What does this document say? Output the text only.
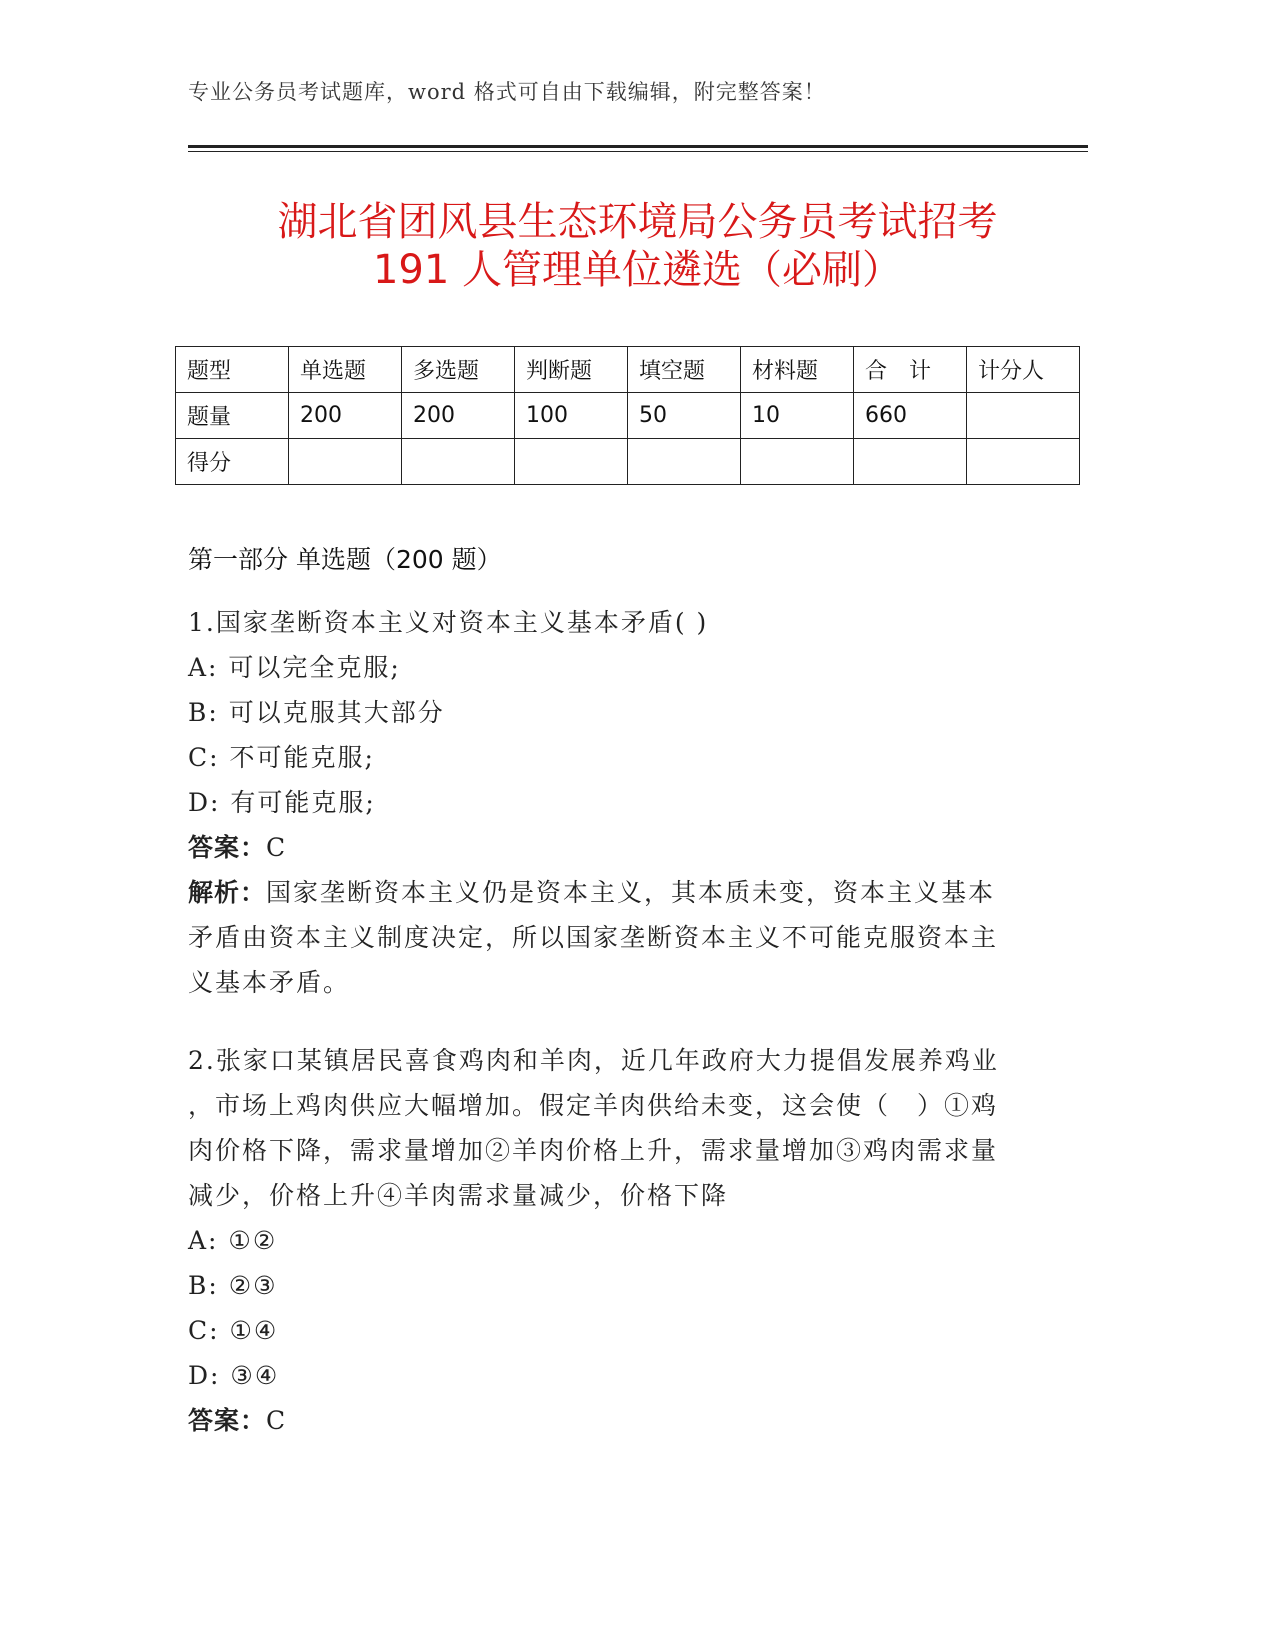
专业公务员考试题库，word 格式可自由下载编辑，附完整答案！
湖北省团风县生态环境局公务员考试招考
191 人管理单位遴选（必刷）
题型	单选题	多选题	判断题	填空题	材料题	合　计	计分人
题量	200	200	100	50	10	660	
得分							
第一部分 单选题（200 题）
1.国家垄断资本主义对资本主义基本矛盾( )
A: 可以完全克服;
B: 可以克服其大部分
C: 不可能克服;
D: 有可能克服;
答案：C
解析：国家垄断资本主义仍是资本主义，其本质未变，资本主义基本
矛盾由资本主义制度决定，所以国家垄断资本主义不可能克服资本主
义基本矛盾。
2.张家口某镇居民喜食鸡肉和羊肉，近几年政府大力提倡发展养鸡业
，市场上鸡肉供应大幅增加。假定羊肉供给未变，这会使（　）①鸡
肉价格下降，需求量增加②羊肉价格上升，需求量增加③鸡肉需求量
减少，价格上升④羊肉需求量减少，价格下降
A: ①②
B: ②③
C: ①④
D: ③④
答案：C
